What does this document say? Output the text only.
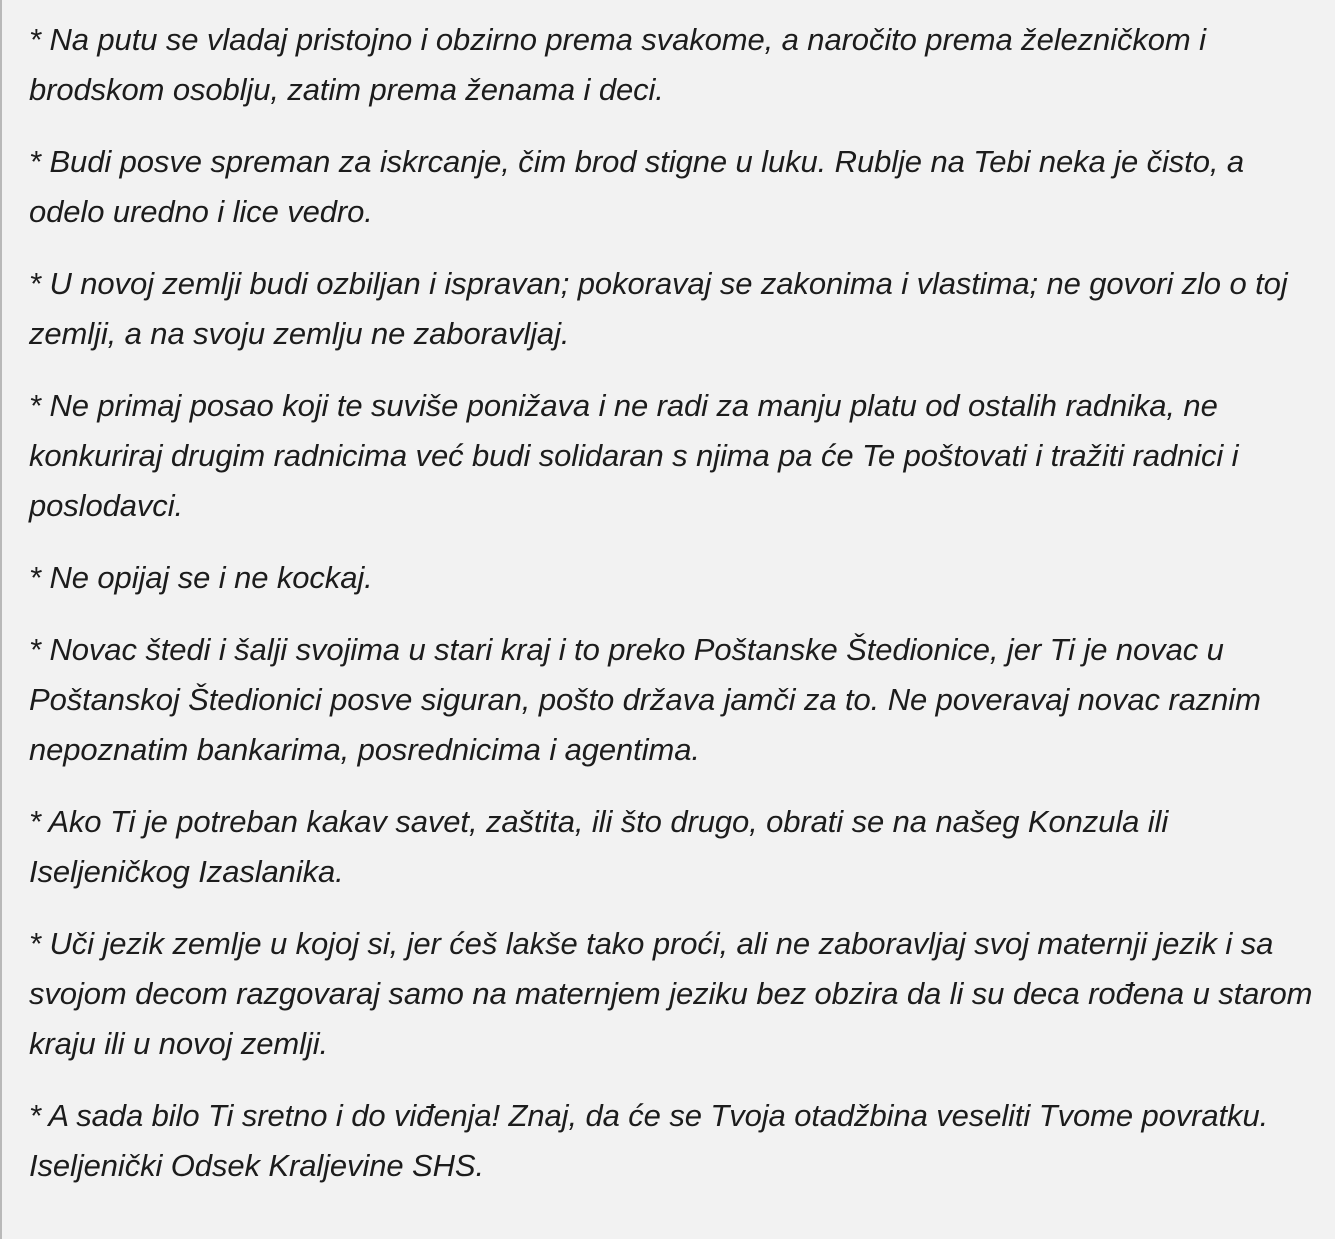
* Na putu se vladaj pristojno i obzirno prema svakome, a naročito prema železničkom i brodskom osoblju, zatim prema ženama i deci.

* Budi posve spreman za iskrcanje, čim brod stigne u luku. Rublje na Tebi neka je čisto, a odelo uredno i lice vedro.

* U novoj zemlji budi ozbiljan i ispravan; pokoravaj se zakonima i vlastima; ne govori zlo o toj zemlji, a na svoju zemlju ne zaboravljaj.

* Ne primaj posao koji te suviše ponižava i ne radi za manju platu od ostalih radnika, ne konkuriraj drugim radnicima već budi solidaran s njima pa će Te poštovati i tražiti radnici i poslodavci.

* Ne opijaj se i ne kockaj.

* Novac štedi i šalji svojima u stari kraj i to preko Poštanske Štedionice, jer Ti je novac u Poštanskoj Štedionici posve siguran, pošto država jamči za to. Ne poveravaj novac raznim nepoznatim bankarima, posrednicima i agentima.

* Ako Ti je potreban kakav savet, zaštita, ili što drugo, obrati se na našeg Konzula ili Iseljeničkog Izaslanika.

* Uči jezik zemlje u kojoj si, jer ćeš lakše tako proći, ali ne zaboravljaj svoj maternji jezik i sa svojom decom razgovaraj samo na maternjem jeziku bez obzira da li su deca rođena u starom kraju ili u novoj zemlji.

* A sada bilo Ti sretno i do viđenja! Znaj, da će se Tvoja otadžbina veseliti Tvome povratku. Iseljenički Odsek Kraljevine SHS.
